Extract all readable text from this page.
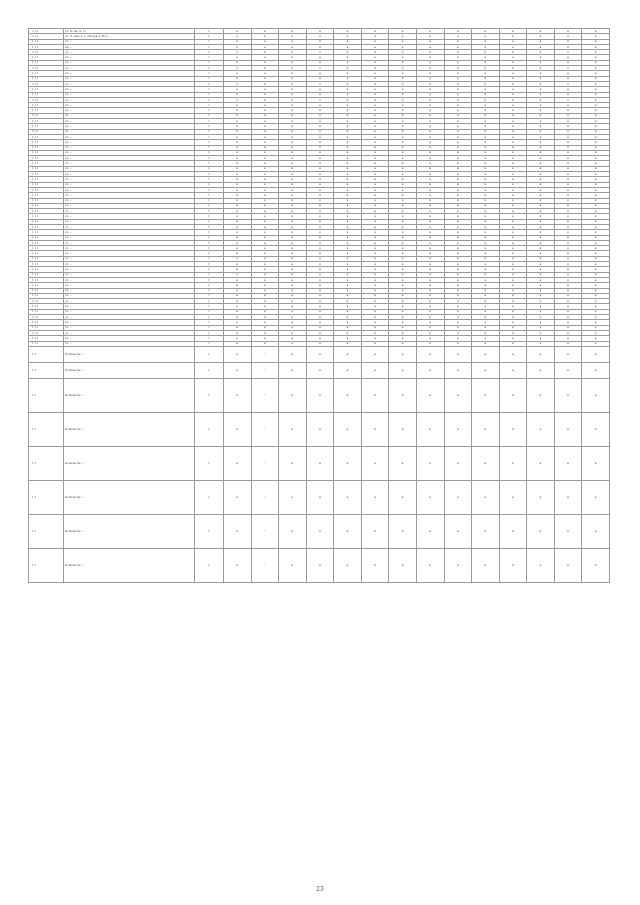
1.1.1	ул. Б...ая, Д. 11	1	н	н	н	н	н	н	н	н	н	н	н	н	н	н
1.1.1	ул. Ч...кая, д. 1, Литера А (Ч-1)	1	н	н	н	н	н	н	н	н	н	н	н	н	н	н
1.1.1	ул. ...	1	н	н	н	н	н	н	н	н	н	н	н	н	н	н
1.1.1	пр. ...	1	н	н	н	н	н	н	н	н	н	н	н	н	н	н
1.1.1	ул. ...	1	н	н	н	н	н	н	н	н	н	н	н	н	н	н
1.1.1	ул. ...	1	н	н	н	н	н	н	н	н	н	н	н	н	н	н
1.1.1	ул. ...	1	н	н	н	н	н	н	н	н	н	н	н	н	н	н
1.1.1	ул. ...	1	н	н	н	н	н	н	н	н	н	н	н	н	н	н
1.1.1	ул. ...	1	н	н	н	н	н	н	н	н	н	н	н	н	н	н
1.1.1	ул. ...	1	н	н	н	н	н	н	н	н	н	н	н	н	н	н
1.1.1	ул. ...	1	н	н	н	н	н	н	н	н	н	н	н	н	н	н
1.1.1	ул. ...	1	н	н	н	н	н	н	н	н	н	н	н	н	н	н
1.1.1	ул. ...	1	н	н	н	н	н	н	н	н	н	н	н	н	н	н
1.1.1	ул. ...	1	н	н	н	н	н	н	н	н	н	н	н	н	н	н
1.1.1	ул. ...	1	н	н	н	н	н	н	н	н	н	н	н	н	н	н
1.1.1	ул. ...	1	н	н	н	н	н	н	н	н	н	н	н	н	н	н
1.1.1	ул. ...	1	н	н	н	н	н	н	н	н	н	н	н	н	н	н
1.1.1	ул. ...	1	н	н	н	н	н	н	н	н	н	н	н	н	н	н
1.1.1	ул. ...	1	н	н	н	н	н	н	н	н	н	н	н	н	н	н
1.1.1	ул. ...	1	н	н	н	н	н	н	н	н	н	н	н	н	н	н
1.1.1	ул. ...	1	н	н	н	н	н	н	н	н	н	н	н	н	н	н
1.1.1	ул. ...	1	н	н	н	н	н	н	н	н	н	н	н	н	н	н
1.1.1	ул. ...	1	н	н	н	н	н	н	н	н	н	н	н	н	н	н
1.1.1	ул. ...	1	н	н	н	н	н	н	н	н	н	н	н	н	н	н
1.1.1	ул. ...	1	н	н	н	н	н	н	н	н	н	н	н	н	н	н
1.1.1	ул. ...	1	н	н	н	н	н	н	н	н	н	н	н	н	н	н
1.1.1	ул. ...	1	н	н	н	н	н	н	н	н	н	н	н	н	н	н
1.1.1	ул. ...	1	н	н	н	н	н	н	н	н	н	н	н	н	н	н
1.1.1	ул. ...	1	н	н	н	н	н	н	н	н	н	н	н	н	н	н
1.1.1	ул. ...	1	н	н	н	н	н	н	н	н	н	н	н	н	н	н
1.1.1	ул. ...	1	н	н	н	н	н	н	н	н	н	н	н	н	н	н
1.1.1	ул. ...	1	н	н	н	н	н	н	н	н	н	н	н	н	н	н
1.1.1	ул. ...	1	н	н	н	н	н	н	н	н	н	н	н	н	н	н
1.1.1	ул. ...	1	н	н	н	н	н	н	н	н	н	н	н	н	н	н
1.1.1	ул. ...	1	н	н	н	н	н	н	н	н	н	н	н	н	н	н
1.1.1	ул. ...	1	н	н	н	н	н	н	н	н	н	н	н	н	н	н
1.1.1	ул. ...	1	н	н	н	н	н	н	н	н	н	н	н	н	н	н
1.1.1	ул. ...	1	н	н	н	н	н	н	н	н	н	н	н	н	н	н
1.1.1	ул. ...	1	н	н	н	н	н	н	н	н	н	н	н	н	н	н
1.1.1	ул. ...	1	н	н	н	н	н	н	н	н	н	н	н	н	н	н
1.1.1	ул. ...	1	н	н	н	н	н	н	н	н	н	н	н	н	н	н
1.1.1	ул. ...	1	н	н	н	н	н	н	н	н	н	н	н	н	н	н
1.1.1	ул. ...	1	н	н	н	н	н	н	н	н	н	н	н	н	н	н
1.1.1	ул. ...	1	н	н	н	н	н	н	н	н	н	н	н	н	н	н
1.1.1	ул. ...	1	н	н	н	н	н	н	н	н	н	н	н	н	н	н
1.1.1	ул. ...	1	н	н	н	н	н	н	н	н	н	н	н	н	н	н
1.1.1	ул. ...	1	н	н	н	н	н	н	н	н	н	н	н	н	н	н
1.1.1	ул. ...	1	н	н	н	н	н	н	н	н	н	н	н	н	н	н
1.1.1	ул. ...	1	н	н	н	н	н	н	н	н	н	н	н	н	н	н
1.1.1	ул. ...	1	н	н	н	н	н	н	н	н	н	н	н	н	н	н
1.1.1	ул. ...	1	н	н	н	н	н	н	н	н	н	н	н	н	н	н
1.1.1	ул. ...	1	н	н	н	н	н	н	н	н	н	н	н	н	н	н
1.1.1	ул. ...	1	н	н	н	н	н	н	н	н	н	н	н	н	н	н
1.1.1	ул. ...	1	н	н	н	н	н	н	н	н	н	н	н	н	н	н
1.1.1	ул. ...	1	н	н	н	н	н	н	н	н	н	н	н	н	н	н
1.1.1	ул. ...	1	н	н	н	н	н	н	н	н	н	н	н	н	н	н
1.1.1	ул. ...	1	н	н	н	н	н	н	н	н	н	н	н	н	н	н
1.1.1	ул. ...	1	н	н	н	н	н	н	н	н	н	н	н	н	н	н
1.1.1	ул. ...	1	н	н	н	н	н	н	н	н	н	н	н	н	н	н
1.1.1	ул. ...	1	н	н	н	н	н	н	н	н	н	н	н	н	н	н
1.7	Количество ...	1	н	...	н	н	н	н	н	н	н	н	н	н	н	н
1.7	Количество ...	1	н	...	н	н	н	н	н	н	н	н	н	н	н	н
1.7	Количество ...	1	н	...	н	н	н	н	н	н	н	н	н	н	н	н
1.7	Количество ...	1	н	...	н	н	н	н	н	н	н	н	н	н	н	н
1.7	Количество ...	1	н	...	н	н	н	н	н	н	н	н	н	н	н	н
1.7	Количество ...	1	н	...	н	н	н	н	н	н	н	н	н	н	н	н
1.7	Количество ...	1	н	...	н	н	н	н	н	н	н	н	н	н	н	н
1.7	Количество ...	1	н	...	н	н	н	н	н	н	н	н	н	н	н	н
23
